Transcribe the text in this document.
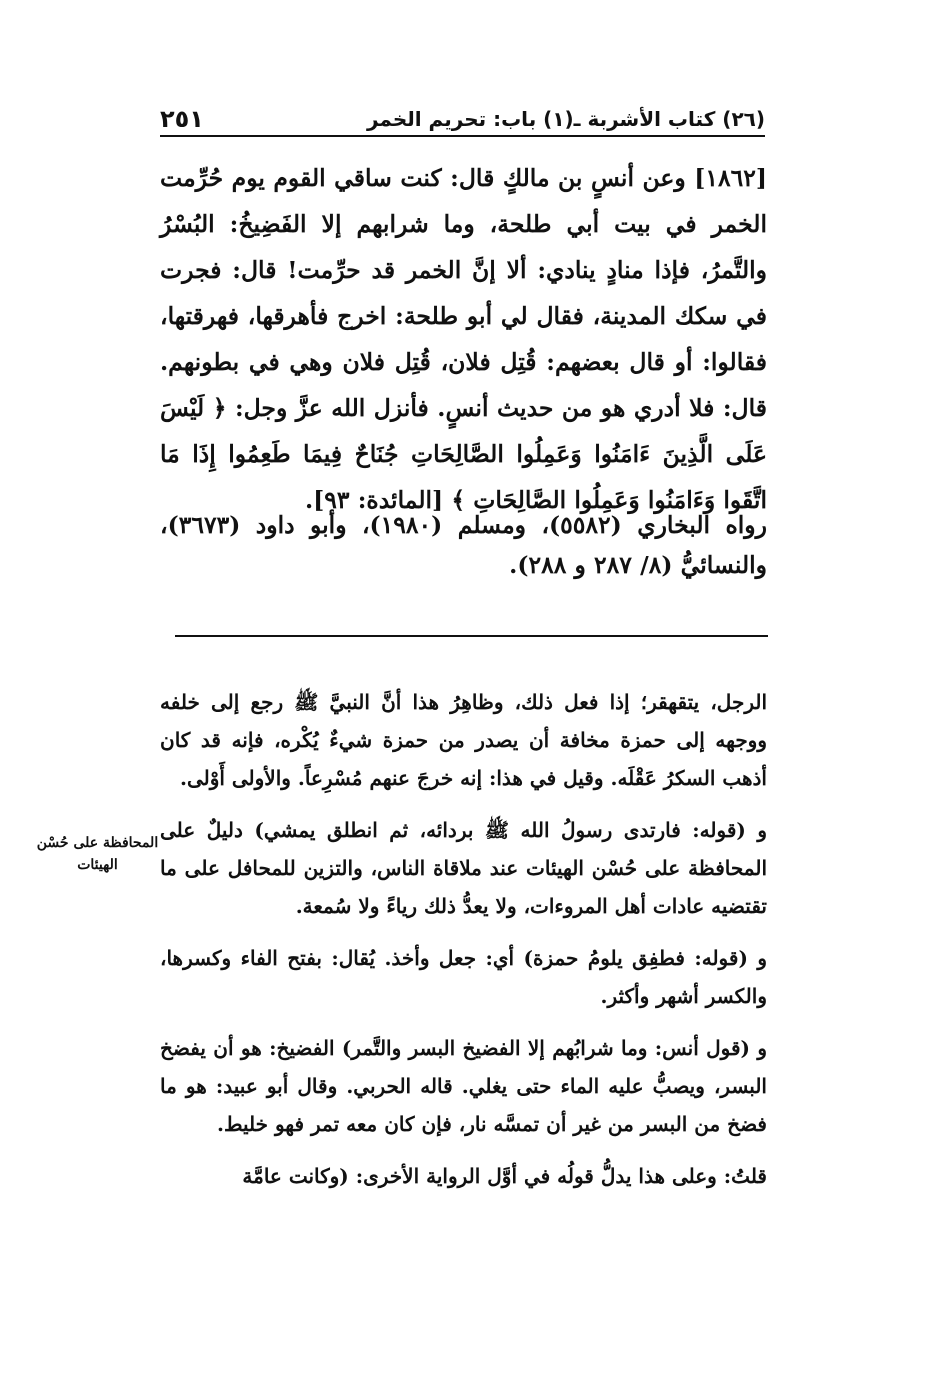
(٢٦) كتاب الأشربة ـ(١) باب: تحريم الخمر
٢٥١

[١٨٦٢] وعن أنسٍ بن مالكٍ قال: كنت ساقي القوم يوم حُرِّمت الخمر في بيت أبي طلحة، وما شرابهم إلا الفَضِيخُ: البُسْرُ والتَّمرُ، فإذا منادٍ ينادي: ألا إنَّ الخمر قد حرِّمت! قال: فجرت في سكك المدينة، فقال لي أبو طلحة: اخرج فأهرقها، فهرقتها، فقالوا: أو قال بعضهم: قُتِل فلان، قُتِل فلان وهي في بطونهم. قال: فلا أدري هو من حديث أنسٍ. فأنزل الله عزَّ وجل: ﴿ لَيْسَ عَلَى الَّذِينَ ءَامَنُوا وَعَمِلُوا الصَّالِحَاتِ جُنَاحٌ فِيمَا طَعِمُوا إِذَا مَا اتَّقَوا وَءَامَنُوا وَعَمِلُوا الصَّالِحَاتِ ﴾ [المائدة: ٩٣].

رواه البخاري (٥٥٨٢)، ومسلم (١٩٨٠)، وأبو داود (٣٦٧٣)، والنسائيُّ (٨/ ٢٨٧ و ٢٨٨).

الرجل، يتقهقر؛ إذا فعل ذلك، وظاهِرُ هذا أنَّ النبيَّ ﷺ رجع إلى خلفه ووجهه إلى حمزة مخافة أن يصدر من حمزة شيءٌ يُكْره، فإنه قد كان أذهب السكرُ عَقْلَه. وقيل في هذا: إنه خرجَ عنهم مُسْرِعاً. والأولى أَوْلى.

و (قوله: فارتدى رسولُ الله ﷺ بردائه، ثم انطلق يمشي) دليلٌ على المحافظة على حُسْن الهيئات عند ملاقاة الناس، والتزين للمحافل على ما تقتضيه عادات أهل المروءات، ولا يعدُّ ذلك رياءً ولا سُمعة.

و (قوله: فطفِق يلومُ حمزة) أي: جعل وأخذ. يُقال: بفتح الفاء وكسرها، والكسر أشهر وأكثر.

و (قول أنس: وما شرابُهم إلا الفضيخ البسر والتَّمر) الفضيخ: هو أن يفضخ البسر، ويصبُّ عليه الماء حتى يغلي. قاله الحربي. وقال أبو عبيد: هو ما فضخ من البسر من غير أن تمسَّه نار، فإن كان معه تمر فهو خليط.

قلتُ: وعلى هذا يدلُّ قولُه في أوَّل الرواية الأخرى: (وكانت عامَّة

المحافظة على حُسْن الهيئات
